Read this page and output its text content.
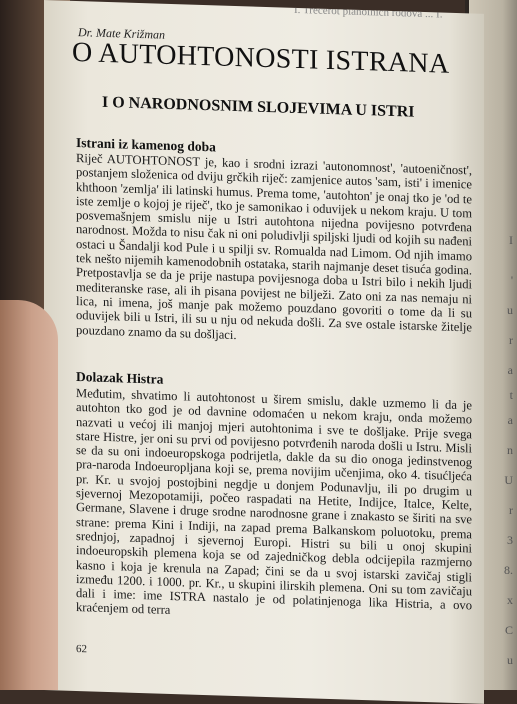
I
'
u
r
a
t
a
n
U
r
3
8.
x
C
u
I. Trecerot planolnich rodova ... I.
Dr. Mate Križman
O AUTOHTONOSTI ISTRANA
I O NARODNOSNIM SLOJEVIMA U ISTRI
Istrani iz kamenog doba

Riječ AUTOHTONOST je, kao i srodni izrazi 'autonomnost', 'autoeničnost', postanjem složenica od dviju grčkih riječ: zamjenice autos 'sam, isti' i imenice khthoon 'zemlja' ili latinski humus. Prema tome, 'autohton' je onaj tko je 'od te iste zemlje o kojoj je riječ', tko je samonikao i oduvijek u nekom kraju. U tom posvemašnjem smislu nije u Istri autohtona nijedna povijesno potvrđena narodnost. Možda to nisu čak ni oni poludivlji spiljski ljudi od kojih su nađeni ostaci u Šandalji kod Pule i u spilji sv. Romualda nad Limom. Od njih imamo tek nešto nijemih kamenodobnih ostataka, starih najmanje deset tisuća godina. Pretpostavlja se da je prije nastupa povijesnoga doba u Istri bilo i nekih ljudi mediteranske rase, ali ih pisana povijest ne bilježi. Zato oni za nas nemaju ni lica, ni imena, još manje pak možemo pouzdano govoriti o tome da li su oduvijek bili u Istri, ili su u nju od nekuda došli. Za sve ostale istarske žitelje pouzdano znamo da su došljaci.

Dolazak Histra

Međutim, shvatimo li autohtonost u širem smislu, dakle uzmemo li da je autohton tko god je od davnine odomaćen u nekom kraju, onda možemo nazvati u većoj ili manjoj mjeri autohtonima i sve te došljake. Prije svega stare Histre, jer oni su prvi od povijesno potvrđenih naroda došli u Istru. Misli se da su oni indoeuropskoga podrijetla, dakle da su dio onoga jedinstvenog pra-naroda Indoeuropljana koji se, prema novijim učenjima, oko 4. tisućljeća pr. Kr. u svojoj postojbini negdje u donjem Podunavlju, ili po drugim u sjevernoj Mezopotamiji, počeo raspadati na Hetite, Indijce, Italce, Kelte, Germane, Slavene i druge srodne narodnosne grane i znakasto se širiti na sve strane: prema Kini i Indiji, na zapad prema Balkanskom poluotoku, prema srednjoj, zapadnoj i sjevernoj Europi. Histri su bili u onoj skupini indoeuropskih plemena koja se od zajedničkog debla odcijepila razmjerno kasno i koja je krenula na Zapad; čini se da u svoj istarski zavičaj stigli između 1200. i 1000. pr. Kr., u skupini ilirskih plemena. Oni su tom zavičaju dali i ime: ime ISTRA nastalo je od polatinjenoga lika Histria, a ovo kraćenjem od terra

62
